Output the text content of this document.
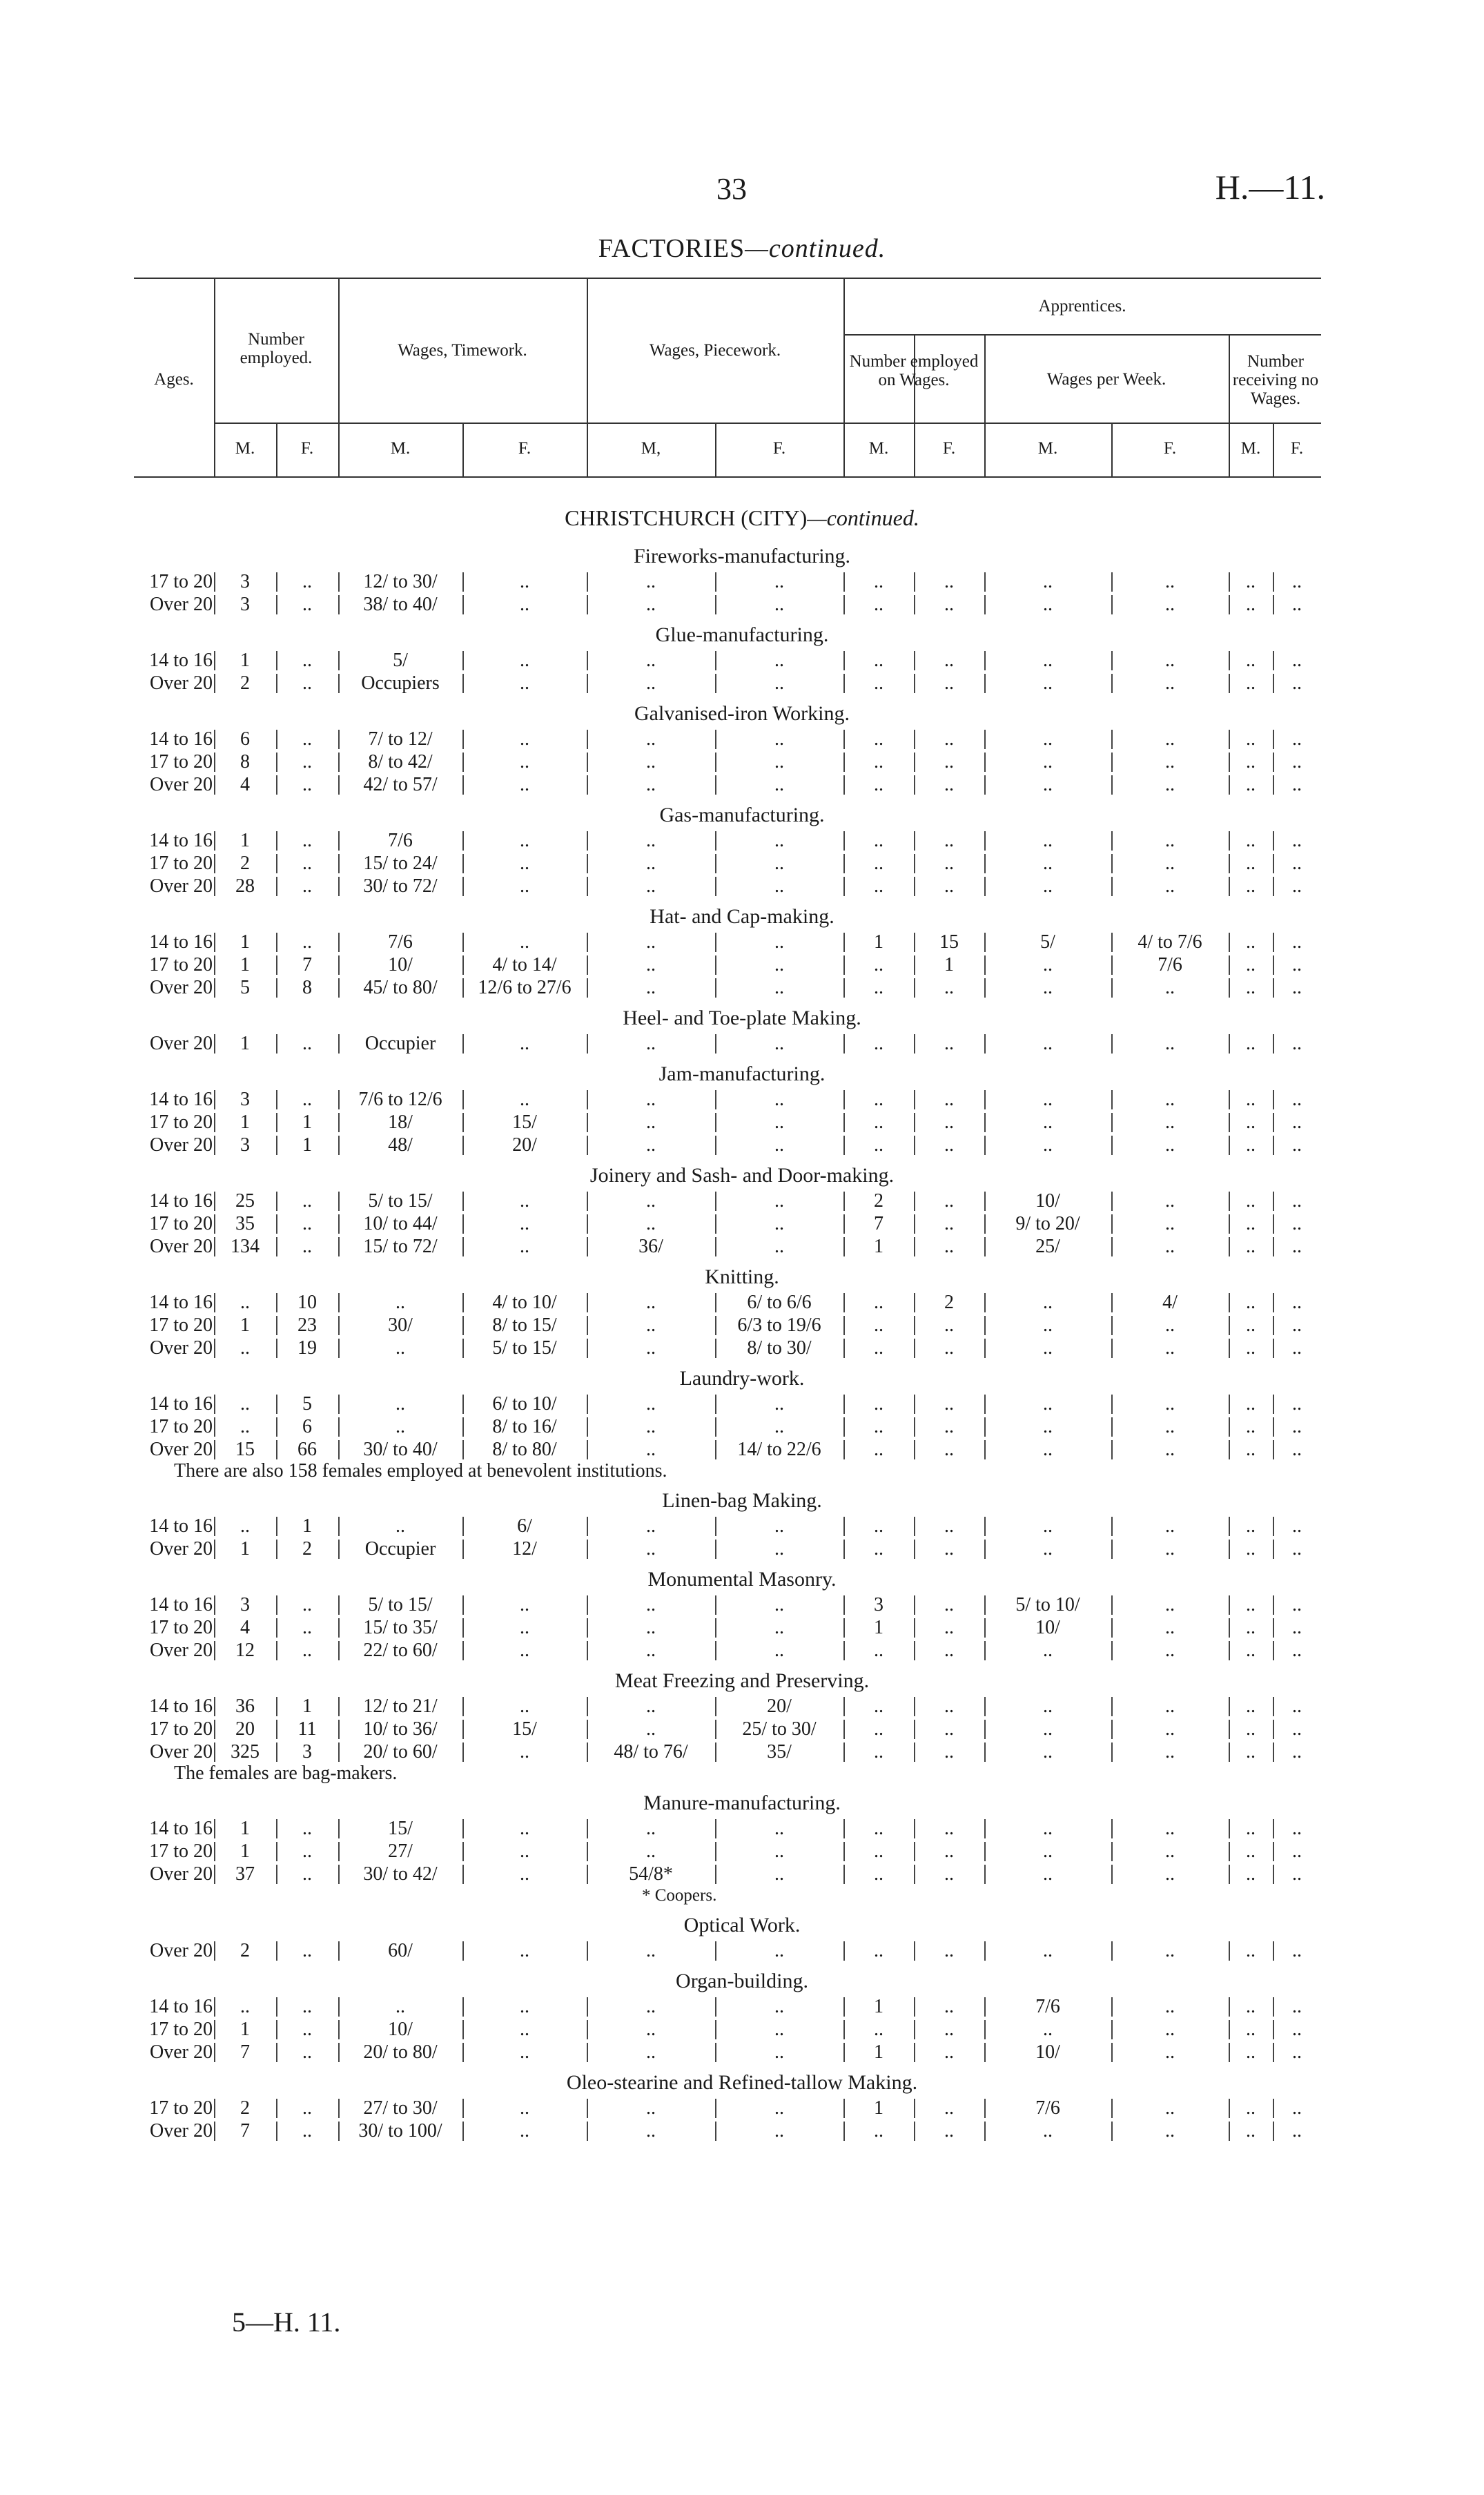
33	H.—11.
FACTORIES—continued.
Ages.
Number employed.	Wages, Timework.	Wages, Piecework.
Apprentices.
Number employed on Wages.	Wages per Week.
Number receiving no Wages.
M.	F.	M.	F.	M,	F.	M.	F.	M.	F.	M.	F.
CHRISTCHURCH (CITY)—continued.
Fireworks-manufacturing.
17 to 20	3	..	12/ to 30/	..	..	..	..	..	..	..	..	..
Over 20	3	..	38/ to 40/	..	..	..	..	..	..	..	..	..
Glue-manufacturing.
14 to 16	1	..	5/	..	..	..	..	..	..	..	..	..
Over 20	2	..	Occupiers	..	..	..	..	..	..	..	..	..
Galvanised-iron Working.
14 to 16	6	..	7/ to 12/	..	..	..	..	..	..	..	..	..
17 to 20	8	..	8/ to 42/	..	..	..	..	..	..	..	..	..
Over 20	4	..	42/ to 57/	..	..	..	..	..	..	..	..	..
Gas-manufacturing.
14 to 16	1	..	7/6	..	..	..	..	..	..	..	..	..
17 to 20	2	..	15/ to 24/	..	..	..	..	..	..	..	..	..
Over 20	28	..	30/ to 72/	..	..	..	..	..	..	..	..	..
Hat- and Cap-making.
14 to 16	1	..	7/6	..	..	..	1	15	5/	4/ to 7/6	..	..
17 to 20	1	7	10/	4/ to 14/	..	..	..	1	..	7/6	..	..
Over 20	5	8	45/ to 80/	12/6 to 27/6	..	..	..	..	..	..	..	..
Heel- and Toe-plate Making.
Over 20	1	..	Occupier	..	..	..	..	..	..	..	..	..
Jam-manufacturing.
14 to 16	3	..	7/6 to 12/6	..	..	..	..	..	..	..	..	..
17 to 20	1	1	18/	15/	..	..	..	..	..	..	..	..
Over 20	3	1	48/	20/	..	..	..	..	..	..	..	..
Joinery and Sash- and Door-making.
14 to 16	25	..	5/ to 15/	..	..	..	2	..	10/	..	..	..
17 to 20	35	..	10/ to 44/	..	..	..	7	..	9/ to 20/	..	..	..
Over 20 134	..	15/ to 72/	..	36/	..	1	..	25/	..	..	..
Knitting.
14 to 16	..	10	..	4/ to 10/	..	6/ to 6/6	..	2	..	4/	..	..
17 to 20	1	23	30/	8/ to 15/	..	6/3 to 19/6	..	..	..	..	..	..
Over 20	..	19	..	5/ to 15/	..	8/ to 30/	..	..	..	..	..	..
Laundry-work.
14 to 16	..	5	..	6/ to 10/	..	..	..	..	..	..	..	..
17 to 20	..	6	..	8/ to 16/	..	..	..	..	..	..	..	..
Over 20	15	66	30/ to 40/	8/ to 80/	..	14/ to 22/6	..	..	..	..	..	..
There are also 158 females employed at benevolent institutions.
Linen-bag Making.
14 to 16	..	1	..	6/	..	..	..	..	..	..	..	..
Over 20	1	2	Occupier	12/	..	..	..	..	..	..	..	..
Monumental Masonry.
14 to 16	3	..	5/ to 15/	..	..	..	3	..	5/ to 10/	..	..	..
17 to 20	4	..	15/ to 35/	..	..	..	1	..	10/	..	..	..
Over 20	12	..	22/ to 60/	..	..	..	..	..	..	..	..	..
Meat Freezing and Preserving.
14 to 16	36	1	12/ to 21/	..	..	20/	..	..	..	..	..	..
17 to 20	20	11	10/ to 36/	15/	..	25/ to 30/	..	..	..	..	..	..
Over 20 325	3	20/ to 60/	..	48/ to 76/	35/	..	..	..	..	..	..
The females are bag-makers.
Manure-manufacturing.
14 to 16	1	..	15/	..	..	..	..	..	..	..	..	..
17 to 20	1	..	27/	..	..	..	..	..	..	..	..	..
Over 20	37	..	30/ to 42/	..	54/8*	..	..	..	..	..	..	..
* Coopers.
Optical Work.
Over 20	2	..	60/	..	..	..	..	..	..	..	..	..
Organ-building.
14 to 16	..	..	..	..	..	..	1	..	7/6	..	..	..
17 to 20	1	..	10/	..	..	..	..	..	..	..	..	..
Over 20	7	..	20/ to 80/	..	..	..	1	..	10/	..	..	..
Oleo-stearine and Refined-tallow Making.
17 to 20	2	..	27/ to 30/	..	..	..	1	..	7/6	..	..	..
Over 20	7	..	30/ to 100/	..	..	..	..	..	..	..	..	..
5—H. 11.
